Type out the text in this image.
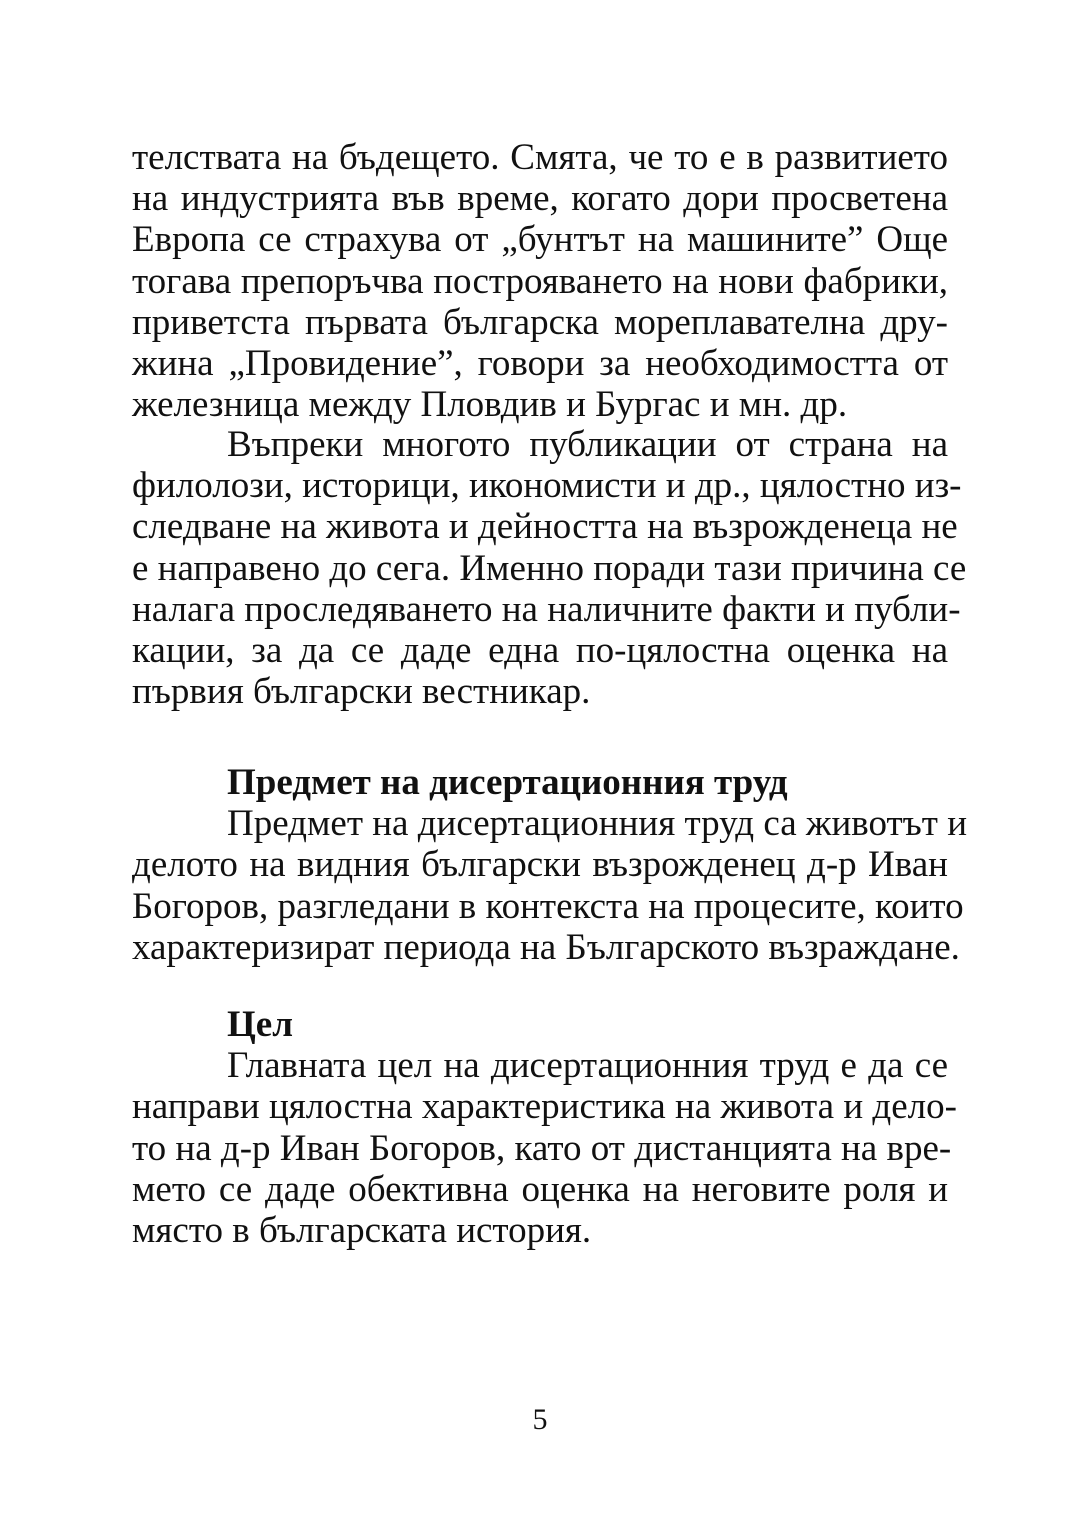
телствата на бъдещето. Смята, че то е в развитието
на индустрията във време, когато дори просветена
Европа се страхува от „бунтът на машините” Още
тогава препоръчва построяването на нови фабрики,
приветста първата българска мореплавателна дру-
жина „Провидение”, говори за необходимостта от
железница между Пловдив и Бургас и мн. др.
Въпреки многото публикации от страна на
филолози, историци, икономисти и др., цялостно из-
следване на живота и дейността на възрожденеца не
е направено до сега. Именно поради тази причина се
налага проследяването на наличните факти и публи-
кации, за да се даде една по-цялостна оценка на
първия български вестникар.
Предмет на дисертационния труд
Предмет на дисертационния труд са животът и
делото на видния български възрожденец д-р Иван
Богоров, разгледани в контекста на процесите, които
характеризират периода на Българското възраждане.
Цел
Главната цел на дисертационния труд е да се
направи цялостна характеристика на живота и дело-
то на д-р Иван Богоров, като от дистанцията на вре-
мето се даде обективна оценка на неговите роля и
място в българската история.
5
